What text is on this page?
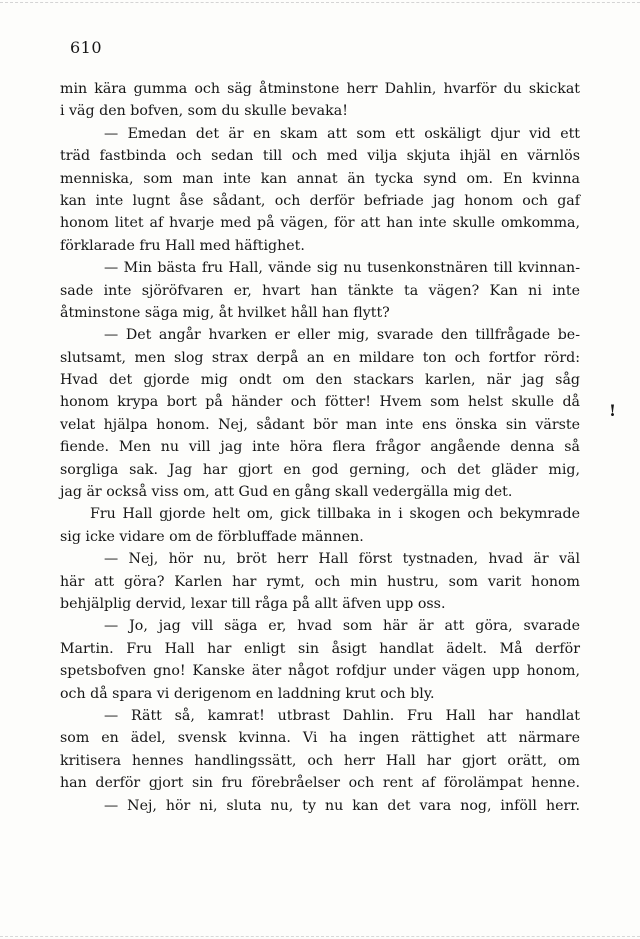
610
min kära gumma och säg åtminstone herr Dahlin, hvarför du skickat
i väg den bofven, som du skulle bevaka!
— Emedan det är en skam att som ett oskäligt djur vid ett
träd fastbinda och sedan till och med vilja skjuta ihjäl en värnlös
menniska, som man inte kan annat än tycka synd om. En kvinna
kan inte lugnt åse sådant, och derför befriade jag honom och gaf
honom litet af hvarje med på vägen, för att han inte skulle omkomma,
förklarade fru Hall med häftighet.
— Min bästa fru Hall, vände sig nu tusenkonstnären till kvinnan-
sade inte sjöröfvaren er, hvart han tänkte ta vägen? Kan ni inte
åtminstone säga mig, åt hvilket håll han flytt?
— Det angår hvarken er eller mig, svarade den tillfrågade be-
slutsamt, men slog strax derpå an en mildare ton och fortfor rörd:
Hvad det gjorde mig ondt om den stackars karlen, när jag såg
honom krypa bort på händer och fötter! Hvem som helst skulle då
velat hjälpa honom. Nej, sådant bör man inte ens önska sin värste
fiende. Men nu vill jag inte höra flera frågor angående denna så
sorgliga sak. Jag har gjort en god gerning, och det gläder mig,
jag är också viss om, att Gud en gång skall vedergälla mig det.
Fru Hall gjorde helt om, gick tillbaka in i skogen och bekymrade
sig icke vidare om de förbluffade männen.
— Nej, hör nu, bröt herr Hall först tystnaden, hvad är väl
här att göra? Karlen har rymt, och min hustru, som varit honom
behjälplig dervid, lexar till råga på allt äfven upp oss.
— Jo, jag vill säga er, hvad som här är att göra, svarade
Martin. Fru Hall har enligt sin åsigt handlat ädelt. Må derför
spetsbofven gno! Kanske äter något rofdjur under vägen upp honom,
och då spara vi derigenom en laddning krut och bly.
— Rätt så, kamrat! utbrast Dahlin. Fru Hall har handlat
som en ädel, svensk kvinna. Vi ha ingen rättighet att närmare
kritisera hennes handlingssätt, och herr Hall har gjort orätt, om
han derför gjort sin fru förebråelser och rent af förolämpat henne.
— Nej, hör ni, sluta nu, ty nu kan det vara nog, inföll herr.
!
